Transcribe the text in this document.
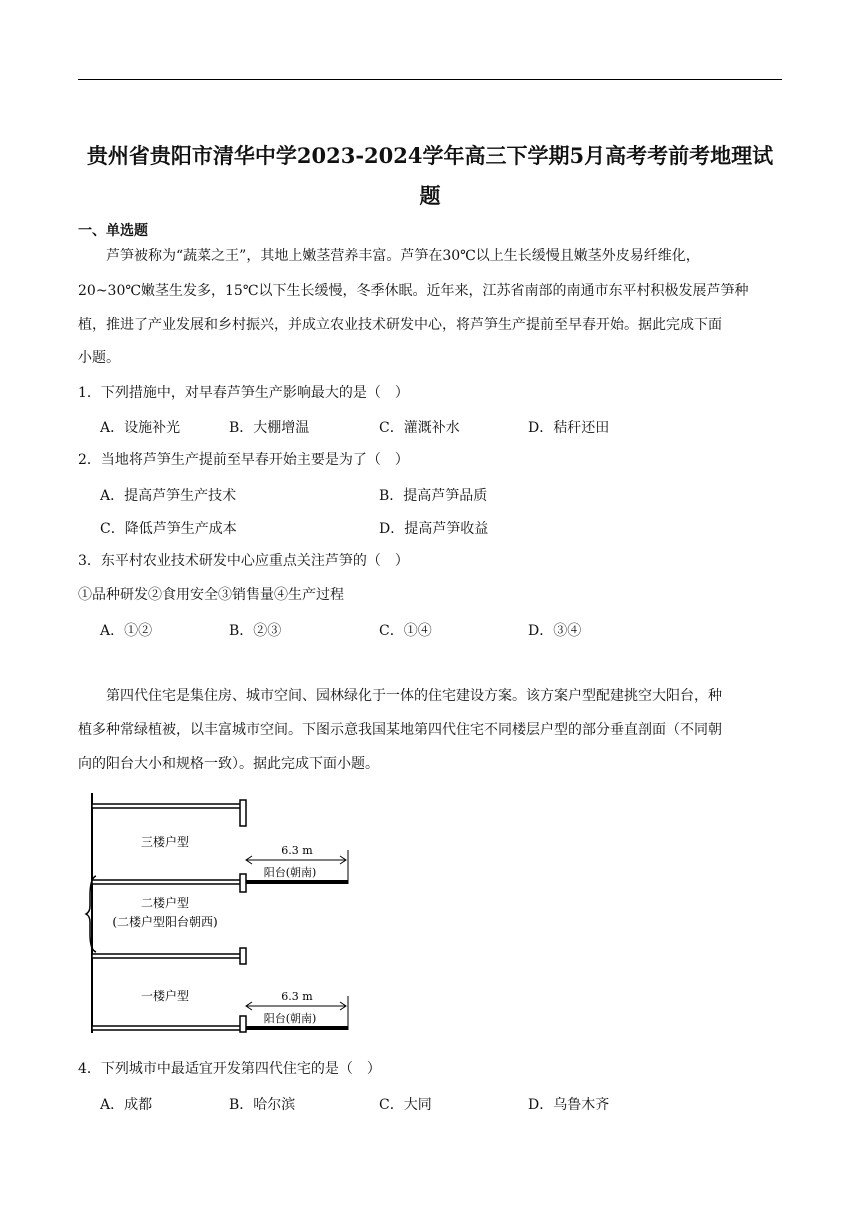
贵州省贵阳市清华中学2023-2024学年高三下学期5月高考考前考地理试
题
一、单选题
　　芦笋被称为“蔬菜之王”，其地上嫩茎营养丰富。芦笋在30℃以上生长缓慢且嫩茎外皮易纤维化，
20~30℃嫩茎生发多，15℃以下生长缓慢，冬季休眠。近年来，江苏省南部的南通市东平村积极发展芦笋种
植，推进了产业发展和乡村振兴，并成立农业技术研发中心，将芦笋生产提前至早春开始。据此完成下面
小题。
1．下列措施中，对早春芦笋生产影响最大的是（　）
A．设施补光	B．大棚增温	C．灌溉补水	D．秸秆还田
2．当地将芦笋生产提前至早春开始主要是为了（　）
A．提高芦笋生产技术	B．提高芦笋品质
C．降低芦笋生产成本	D．提高芦笋收益
3．东平村农业技术研发中心应重点关注芦笋的（　）
①品种研发②食用安全③销售量④生产过程
A．①②	B．②③	C．①④	D．③④
　　第四代住宅是集住房、城市空间、园林绿化于一体的住宅建设方案。该方案户型配建挑空大阳台，种
植多种常绿植被，以丰富城市空间。下图示意我国某地第四代住宅不同楼层户型的部分垂直剖面（不同朝
向的阳台大小和规格一致）。据此完成下面小题。
三楼户型
6.3 m
阳台(朝南)
二楼户型
(二楼户型阳台朝西)
一楼户型	6.3 m
阳台(朝南)
4．下列城市中最适宜开发第四代住宅的是（　）
A．成都	B．哈尔滨	C．大同	D．乌鲁木齐
